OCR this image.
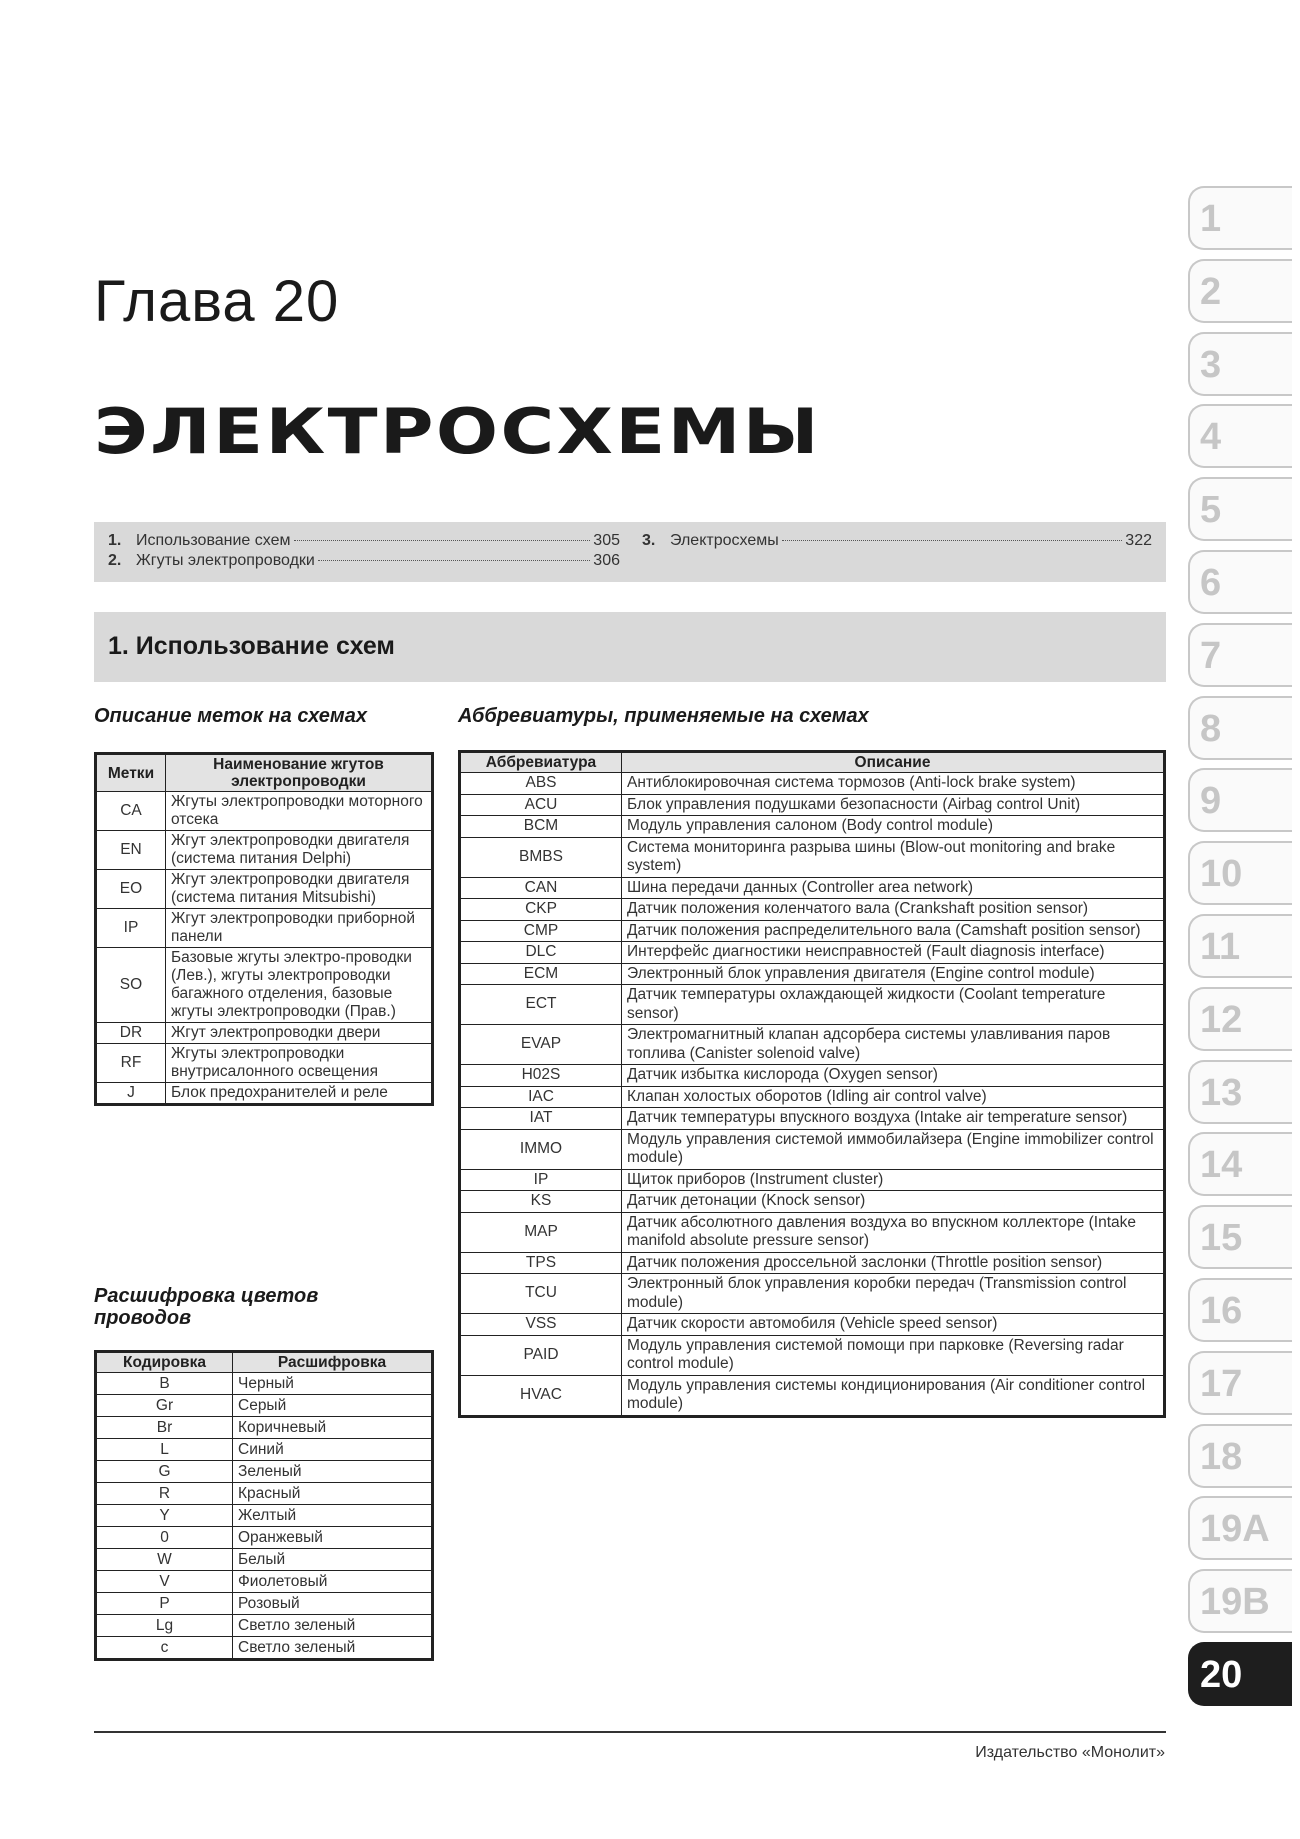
Глава 20
ЭЛЕКТРОСХЕМЫ
1. Использование схем	305
2. Жгуты электропроводки	306
3. Электросхемы	322
1. Использование схем
Описание меток на схемах	Аббревиатуры, применяемые на схемах
Расшифровка цветов проводов
Метки	Наименование жгутов электропроводки
CA	Жгуты электропроводки моторного отсека
EN	Жгут электропроводки двигателя (система питания Delphi)
EO	Жгут электропроводки двигателя (система питания Mitsubishi)
IP	Жгут электропроводки приборной панели
SO	Базовые жгуты электро-проводки (Лев.), жгуты электропроводки багажного отделения, базовые жгуты электропроводки (Прав.)
DR	Жгут электропроводки двери
RF	Жгуты электропроводки внутрисалонного освещения
J	Блок предохранителей и реле
Кодировка	Расшифровка
B	Черный
Gr	Серый
Br	Коричневый
L	Синий
G	Зеленый
R	Красный
Y	Желтый
0	Оранжевый
W	Белый
V	Фиолетовый
P	Розовый
Lg	Светло зеленый
c	Светло зеленый
Аббревиатура	Описание
ABS	Антиблокировочная система тормозов (Anti-lock brake system)
ACU	Блок управления подушками безопасности (Airbag control Unit)
BCM	Модуль управления салоном (Body control module)
BMBS	Система мониторинга разрыва шины (Blow-out monitoring and brake system)
CAN	Шина передачи данных (Controller area network)
CKP	Датчик положения коленчатого вала (Crankshaft position sensor)
CMP	Датчик положения распределительного вала (Camshaft position sensor)
DLC	Интерфейс диагностики неисправностей (Fault diagnosis interface)
ECM	Электронный блок управления двигателя (Engine control module)
ECT	Датчик температуры охлаждающей жидкости (Coolant temperature sensor)
EVAP	Электромагнитный клапан адсорбера системы улавливания паров топлива (Canister solenoid valve)
H02S	Датчик избытка кислорода (Oxygen sensor)
IAC	Клапан холостых оборотов (Idling air control valve)
IAT	Датчик температуры впускного воздуха (Intake air temperature sensor)
IMMO	Модуль управления системой иммобилайзера (Engine immobilizer control module)
IP	Щиток приборов (Instrument cluster)
KS	Датчик детонации (Knock sensor)
MAP	Датчик абсолютного давления воздуха во впускном коллекторе (Intake manifold absolute pressure sensor)
TPS	Датчик положения дроссельной заслонки (Throttle position sensor)
TCU	Электронный блок управления коробки передач (Transmission control module)
VSS	Датчик скорости автомобиля (Vehicle speed sensor)
PAID	Модуль управления системой помощи при парковке (Reversing radar control module)
HVAC	Модуль управления системы кондиционирования (Air conditioner control module)
1
2
3
4
5
6
7
8
9
10
11
12
13
14
15
16
17
18
19A
19B
20
Издательство «Монолит»
